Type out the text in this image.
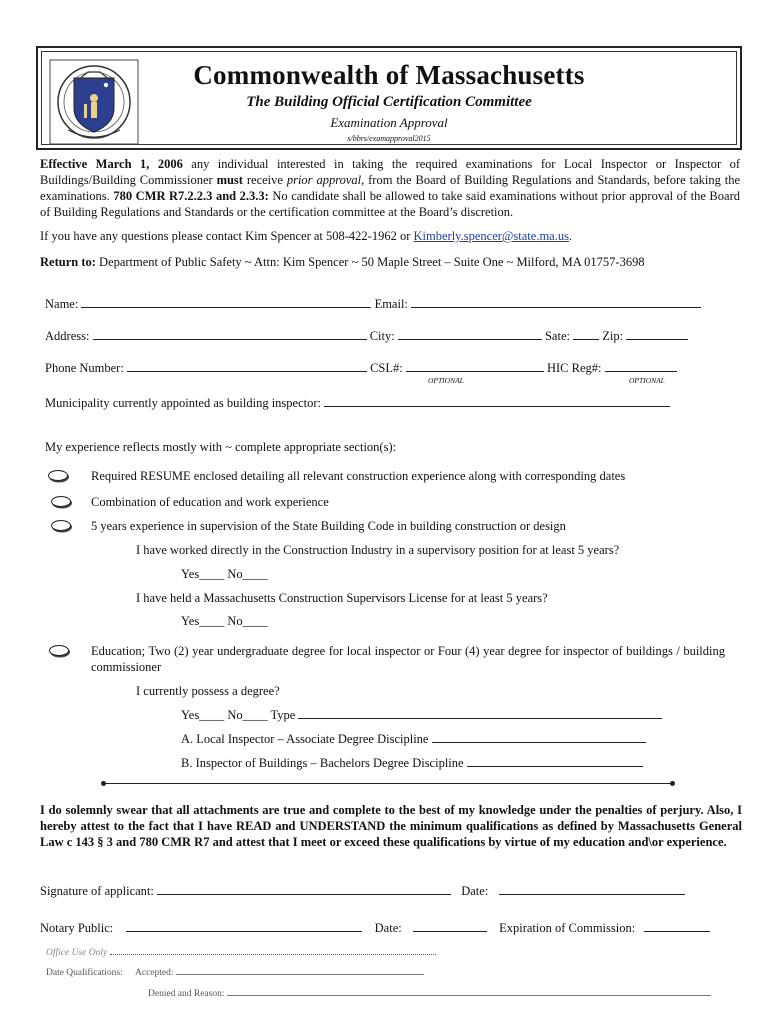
Commonwealth of Massachusetts
The Building Official Certification Committee
Examination Approval
s/bbrs/examapproval2015
Effective March 1, 2006 any individual interested in taking the required examinations for Local Inspector or Inspector of Buildings/Building Commissioner must receive prior approval, from the Board of Building Regulations and Standards, before taking the examinations. 780 CMR R7.2.2.3 and 2.3.3: No candidate shall be allowed to take said examinations without prior approval of the Board of Building Regulations and Standards or the certification committee at the Board’s discretion.
If you have any questions please contact Kim Spencer at 508-422-1962 or Kimberly.spencer@state.ma.us.
Return to: Department of Public Safety ~ Attn: Kim Spencer ~ 50 Maple Street – Suite One ~ Milford, MA 01757-3698
Name:	Email:
Address:	City:	Sate:	Zip:
Phone Number:	CSL#:	HIC Reg#:
OPTIONAL	OPTIONAL
Municipality currently appointed as building inspector:
My experience reflects mostly with ~ complete appropriate section(s):
Required RESUME enclosed detailing all relevant construction experience along with corresponding dates
Combination of education and work experience
5 years experience in supervision of the State Building Code in building construction or design
I have worked directly in the Construction Industry in a supervisory position for at least 5 years?
Yes____ No____
I have held a Massachusetts Construction Supervisors License for at least 5 years?
Yes____ No____
Education; Two (2) year undergraduate degree for local inspector or Four (4) year degree for inspector of buildings / building commissioner
I currently possess a degree?
Yes____ No____ Type
A. Local Inspector – Associate Degree Discipline
B. Inspector of Buildings – Bachelors Degree Discipline
I do solemnly swear that all attachments are true and complete to the best of my knowledge under the penalties of perjury. Also, I hereby attest to the fact that I have READ and UNDERSTAND the minimum qualifications as defined by Massachusetts General Law c 143 § 3 and 780 CMR R7 and attest that I meet or exceed these qualifications by virtue of my education and\or experience.
Signature of applicant:	Date:
Notary Public:	Date:	Expiration of Commission:
Office Use Only
Date Qualifications: Accepted:
Denied and Reason:
